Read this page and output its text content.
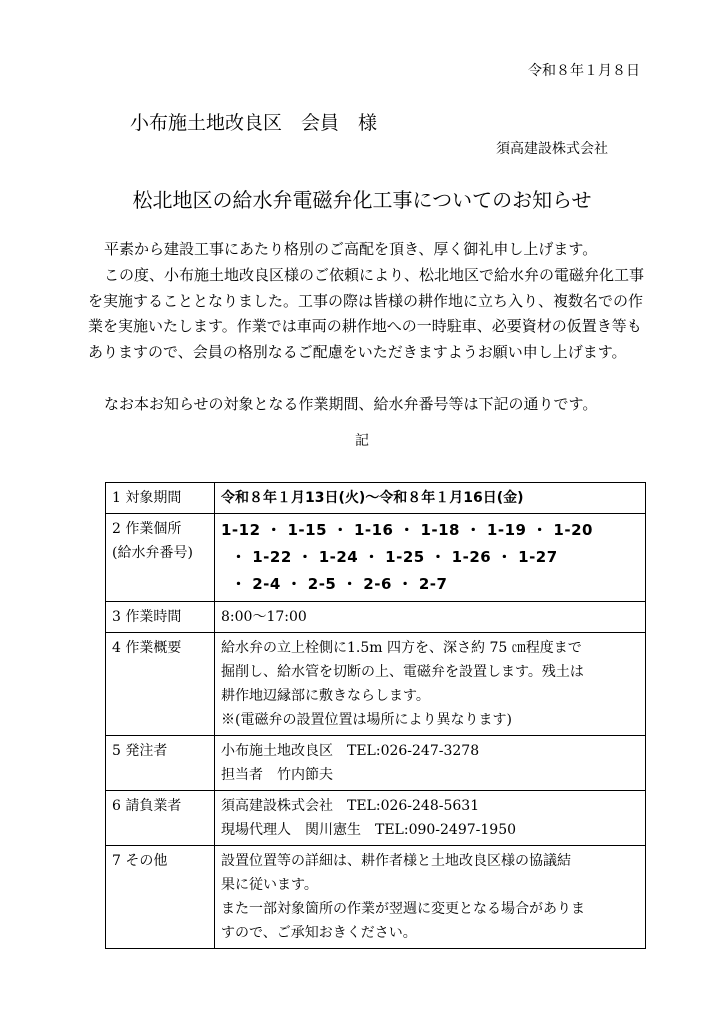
令和８年１月８日
小布施土地改良区　会員　様
須高建設株式会社
松北地区の給水弁電磁弁化工事についてのお知らせ
平素から建設工事にあたり格別のご高配を頂き、厚く御礼申し上げます。
この度、小布施土地改良区様のご依頼により、松北地区で給水弁の電磁弁化工事を実施することとなりました。工事の際は皆様の耕作地に立ち入り、複数名での作業を実施いたします。作業では車両の耕作地への一時駐車、必要資材の仮置き等もありますので、会員の格別なるご配慮をいただきますようお願い申し上げます。
なお本お知らせの対象となる作業期間、給水弁番号等は下記の通りです。
記
1 対象期間	令和８年１月13日(火)～令和８年１月16日(金)

2 作業個所
(給水弁番号)	1-12 ・ 1-15 ・ 1-16 ・ 1-18 ・ 1-19 ・ 1-20
・ 1-22 ・ 1-24 ・ 1-25 ・ 1-26 ・ 1-27
・ 2-4 ・ 2-5 ・ 2-6 ・ 2-7

3 作業時間	8:00～17:00
4 作業概要	給水弁の立上栓側に1.5m 四方を、深さ約 75 ㎝程度まで
掘削し、給水管を切断の上、電磁弁を設置します。残土は
耕作地辺縁部に敷きならします。
※(電磁弁の設置位置は場所により異なります)

5 発注者	小布施土地改良区　TEL:026-247-3278
担当者　竹内節夫

6 請負業者	須高建設株式会社　TEL:026-248-5631
現場代理人　関川憲生　TEL:090-2497-1950

7 その他	設置位置等の詳細は、耕作者様と土地改良区様の協議結
果に従います。
また一部対象箇所の作業が翌週に変更となる場合がありま
すので、ご承知おきください。
